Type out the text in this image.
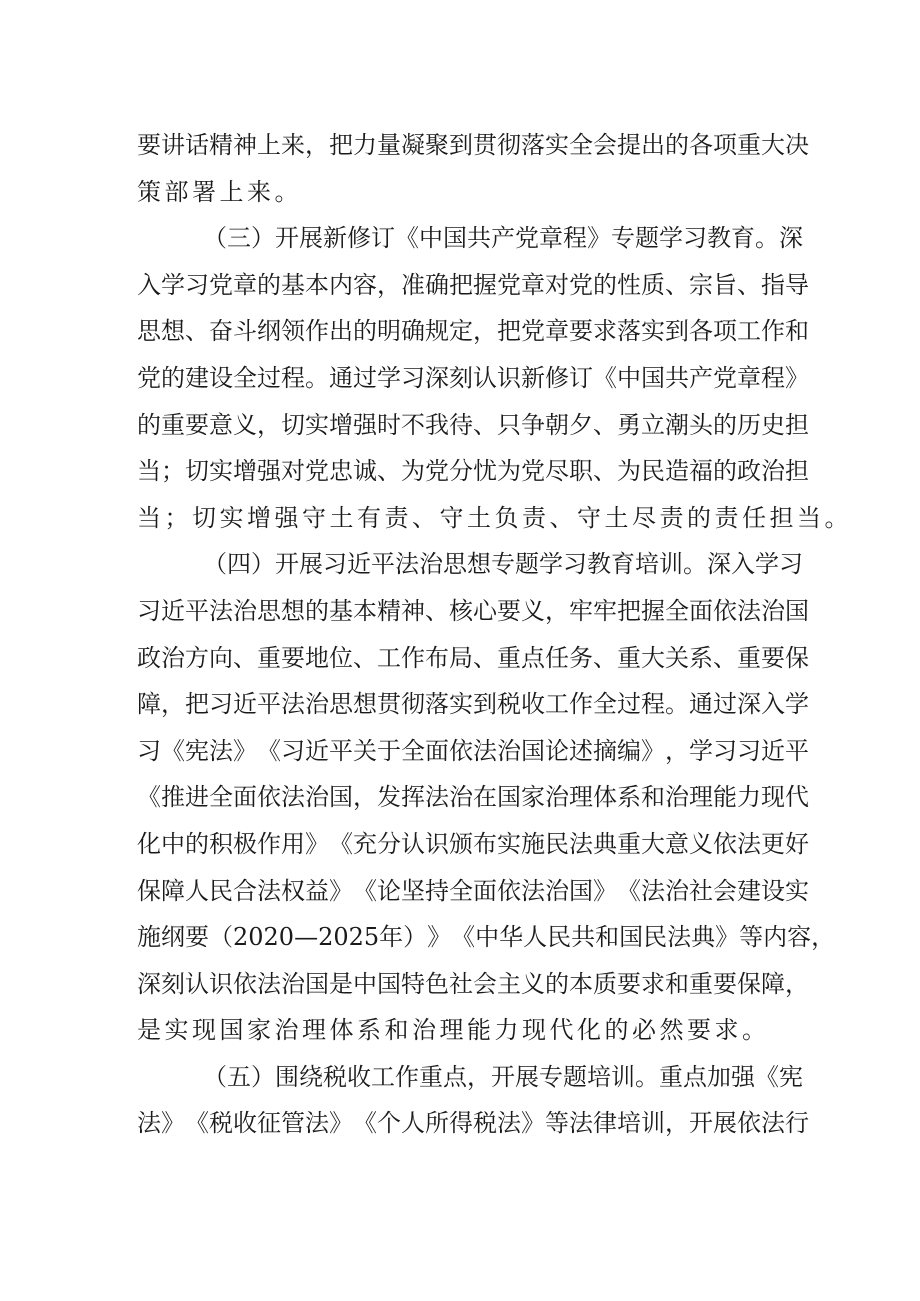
要 讲 话 精 神 上 来 ， 把 力 量 凝 聚 到 贯 彻 落 实 全 会 提 出 的 各 项 重 大 决
策部署上来。
（ 三 ） 开 展 新 修 订 《 中 国 共 产 党 章 程 》 专 题 学 习 教 育 。 深
入 学 习 党 章 的 基 本 内 容 ， 准 确 把 握 党 章 对 党 的 性 质 、 宗 旨 、 指 导
思 想 、 奋 斗 纲 领 作 出 的 明 确 规 定 ， 把 党 章 要 求 落 实 到 各 项 工 作 和
党 的 建 设 全 过 程 。 通 过 学 习 深 刻 认 识 新 修 订 《 中 国 共 产 党 章 程 》
的 重 要 意 义 ， 切 实 增 强 时 不 我 待 、 只 争 朝 夕 、 勇 立 潮 头 的 历 史 担
当 ； 切 实 增 强 对 党 忠 诚 、 为 党 分 忧 为 党 尽 职 、 为 民 造 福 的 政 治 担
当；切实增强守土有责、守土负责、守土尽责的责任担当。
（ 四 ） 开 展 习 近 平 法 治 思 想 专 题 学 习 教 育 培 训 。 深 入 学 习
习 近 平 法 治 思 想 的 基 本 精 神 、 核 心 要 义 ， 牢 牢 把 握 全 面 依 法 治 国
政 治 方 向 、 重 要 地 位 、 工 作 布 局 、 重 点 任 务 、 重 大 关 系 、 重 要 保
障 ， 把 习 近 平 法 治 思 想 贯 彻 落 实 到 税 收 工 作 全 过 程 。 通 过 深 入 学
习 《 宪 法 》 《 习 近 平 关 于 全 面 依 法 治 国 论 述 摘 编 》 ， 学 习 习 近 平
《 推 进 全 面 依 法 治 国 ， 发 挥 法 治 在 国 家 治 理 体 系 和 治 理 能 力 现 代
化 中 的 积 极 作 用 》 《 充 分 认 识 颁 布 实 施 民 法 典 重 大 意 义 依 法 更 好
保 障 人 民 合 法 权 益 》 《 论 坚 持 全 面 依 法 治 国 》 《 法 治 社 会 建 设 实
施 纲 要 （ 2020 — 2025 年 ） 》 《 中 华 人 民 共 和 国 民 法 典 》 等 内 容 ，
深 刻 认 识 依 法 治 国 是 中 国 特 色 社 会 主 义 的 本 质 要 求 和 重 要 保 障 ，
是实现国家治理体系和治理能力现代化的必然要求。
（ 五 ） 围 绕 税 收 工 作 重 点 ， 开 展 专 题 培 训 。 重 点 加 强 《 宪
法 》 《 税 收 征 管 法 》 《 个 人 所 得 税 法 》 等 法 律 培 训 ， 开 展 依 法 行
